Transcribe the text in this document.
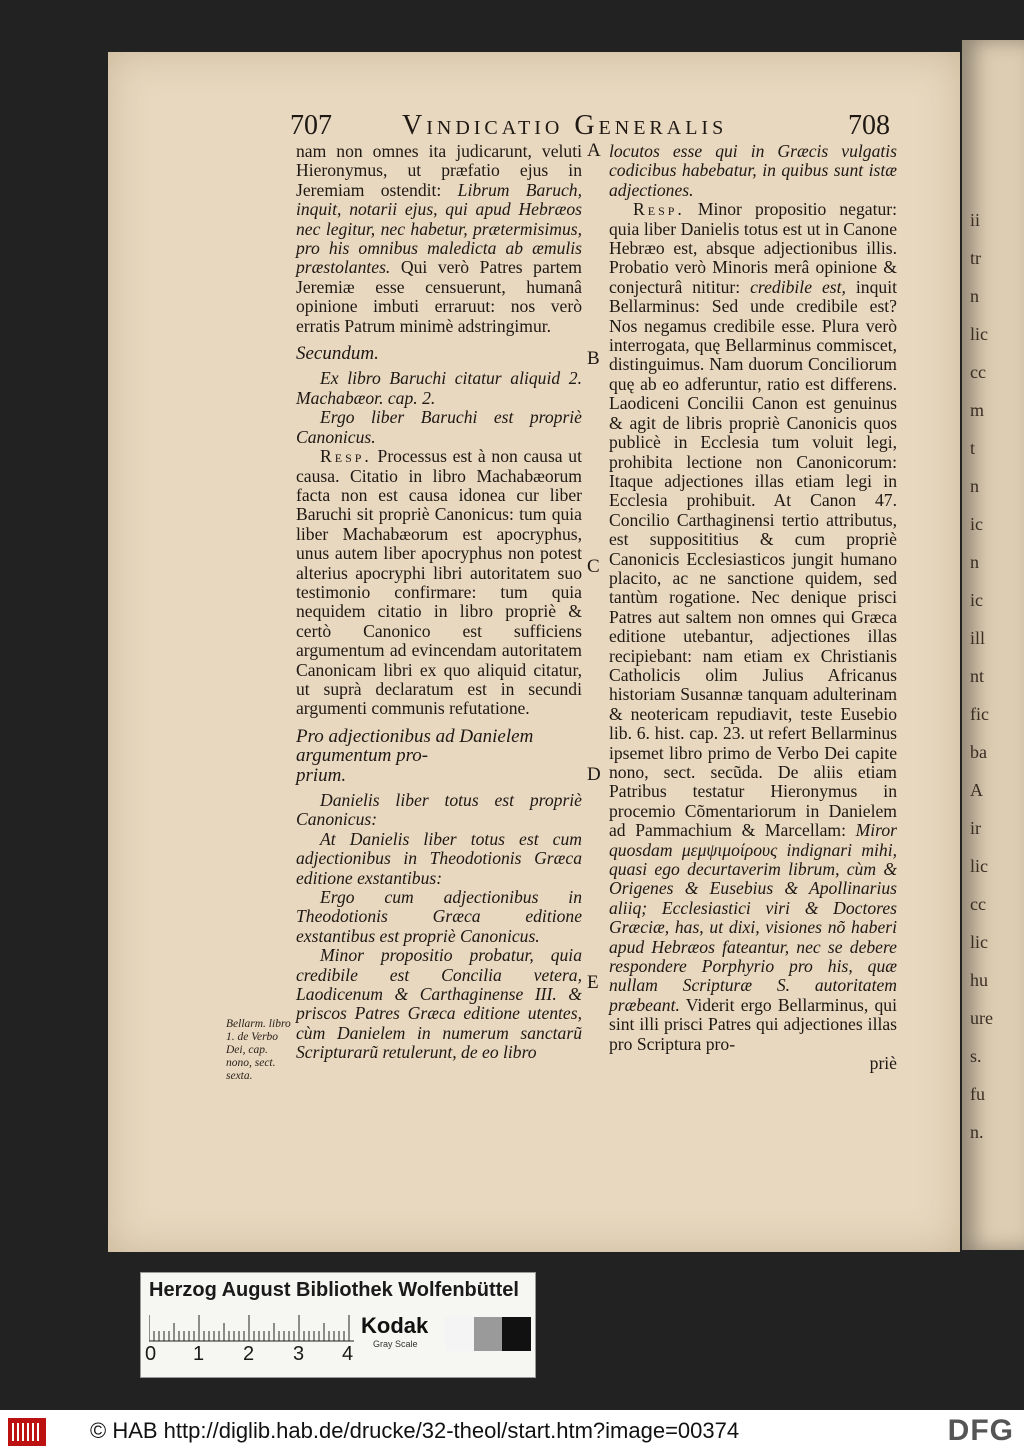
ii
tr
n
lic
cc
m
t
n
ic
n
ic
ill
nt
fic
ba
A
ir
lic
cc
lic
hu
ure
s.
fu
n.
707	Vindicatio Generalis	708

nam non omnes ita judicarunt, veluti Hieronymus, ut præfatio ejus in Jeremiam ostendit: Librum Baruch, inquit, notarii ejus, qui apud Hebræos nec legitur, nec habetur, prætermisimus, pro his omnibus maledicta ab æmulis præstolantes. Qui verò Patres partem Jeremiæ esse censuerunt, humanâ opinione imbuti erraruut: nos verò erratis Patrum minimè adstringimur.

Secundum.

Ex libro Baruchi citatur aliquid 2. Machabæor. cap. 2.

Ergo liber Baruchi est propriè Canonicus.

Resp. Processus est à non causa ut causa. Citatio in libro Machabæorum facta non est causa idonea cur liber Baruchi sit propriè Canonicus: tum quia liber Machabæorum est apocryphus, unus autem liber apocryphus non potest alterius apocryphi libri autoritatem suo testimonio confirmare: tum quia nequidem citatio in libro propriè & certò Canonico est sufficiens argumentum ad evincendam autoritatem Canonicam libri ex quo aliquid citatur, ut suprà declaratum est in secundi argumenti communis refutatione.

Pro adjectionibus ad Danielem

argumentum pro-

prium.

Danielis liber totus est propriè Canonicus:

At Danielis liber totus est cum adjectionibus in Theodotionis Græca editione exstantibus:

Ergo cum adjectionibus in Theodotionis Græca editione exstantibus est propriè Canonicus.

Minor propositio probatur, quia credibile est Concilia vetera, Laodicenum & Carthaginense III. & priscos Patres Græca editione utentes, cùm Danielem in numerum sanctarũ Scripturarũ retulerunt, de eo libro

Bellarm. libro 1. de Verbo Dei, cap. nono, sect. sexta.

locutos esse qui in Græcis vulgatis codicibus habebatur, in quibus sunt istæ adjectiones.

Resp. Minor propositio negatur: quia liber Danielis totus est ut in Canone Hebræo est, absque adjectionibus illis. Probatio verò Minoris merâ opinione & conjecturâ nititur: credibile est, inquit Bellarminus: Sed unde credibile est? Nos negamus credibile esse. Plura verò interrogata, quę Bellarminus commiscet, distinguimus. Nam duorum Conciliorum quę ab eo adferuntur, ratio est differens. Laodiceni Concilii Canon est genuinus & agit de libris propriè Canonicis quos publicè in Ecclesia tum voluit legi, prohibita lectione non Canonicorum: Itaque adjectiones illas etiam legi in Ecclesia prohibuit. At Canon 47. Concilio Carthaginensi tertio attributus, est supposititius & cum propriè Canonicis Ecclesiasticos jungit humano placito, ac ne sanctione quidem, sed tantùm rogatione. Nec denique prisci Patres aut saltem non omnes qui Græca editione utebantur, adjectiones illas recipiebant: nam etiam ex Christianis Catholicis olim Julius Africanus historiam Susannæ tanquam adulterinam & neotericam repudiavit, teste Eusebio lib. 6. hist. cap. 23. ut refert Bellarminus ipsemet libro primo de Verbo Dei capite nono, sect. secũda. De aliis etiam Patribus testatur Hieronymus in procemio Cõmentariorum in Danielem ad Pammachium & Marcellam: Miror quosdam μεμψιμοίρους indignari mihi, quasi ego decurtaverim librum, cùm & Origenes & Eusebius & Apollinarius aliiq; Ecclesiastici viri & Doctores Græciæ, has, ut dixi, visiones nõ haberi apud Hebræos fateantur, nec se debere respondere Porphyrio pro his, quæ nullam Scripturæ S. autoritatem præbeant. Viderit ergo Bellarminus, qui sint illi prisci Patres qui adjectiones illas pro Scriptura pro-

priè

A
B
C
D
E
Herzog August Bibliothek Wolfenbüttel
0 1 2 3 4
Kodak
Gray Scale
© HAB http://diglib.hab.de/drucke/32-theol/start.htm?image=00374	DFG
